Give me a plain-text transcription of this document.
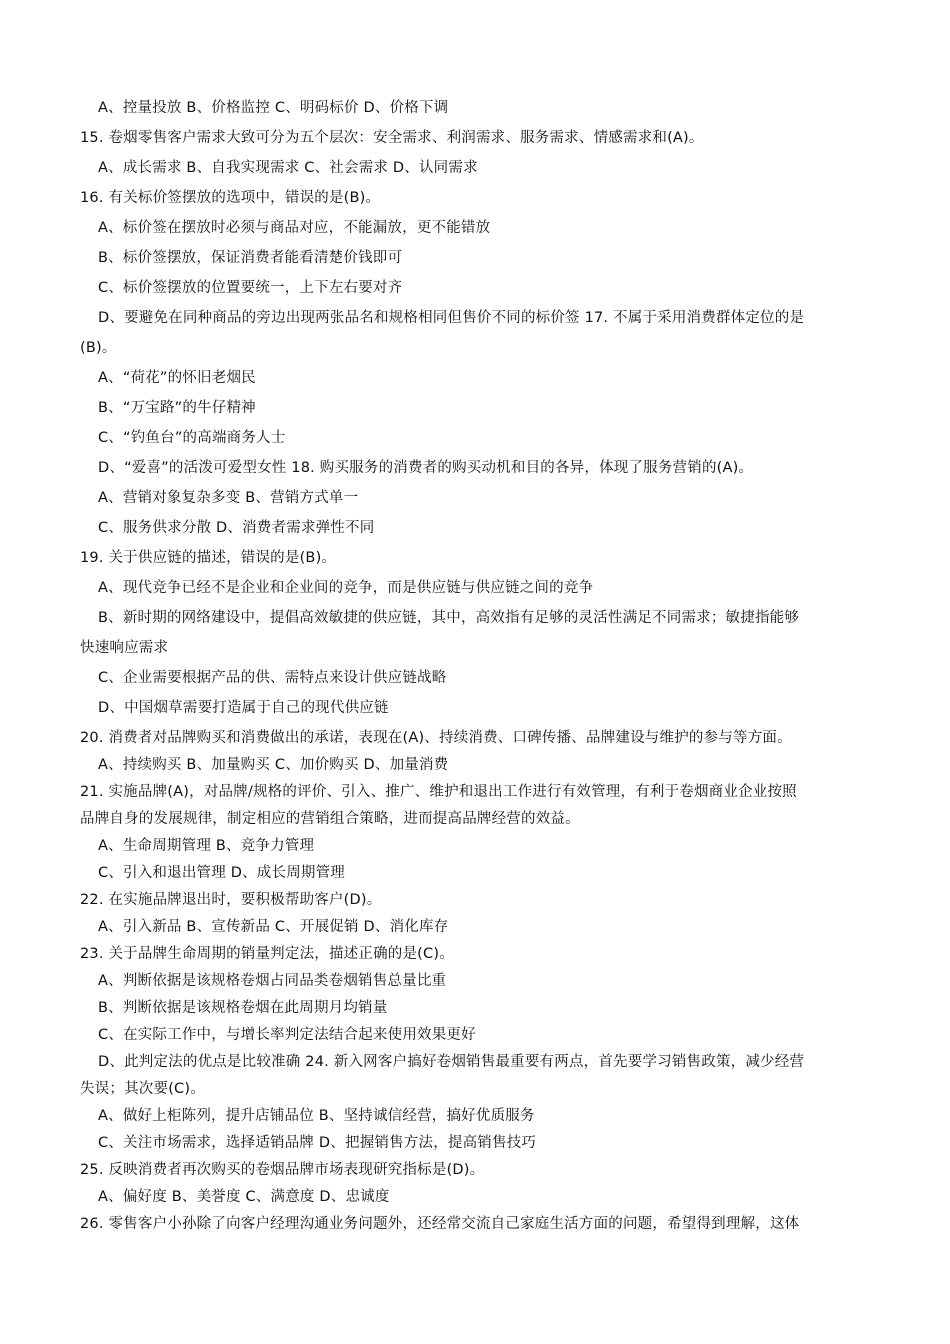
A、控量投放 B、价格监控 C、明码标价 D、价格下调
15. 卷烟零售客户需求大致可分为五个层次：安全需求、利润需求、服务需求、情感需求和(A)。
A、成长需求 B、自我实现需求 C、社会需求 D、认同需求
16. 有关标价签摆放的选项中，错误的是(B)。
A、标价签在摆放时必须与商品对应，不能漏放，更不能错放
B、标价签摆放，保证消费者能看清楚价钱即可
C、标价签摆放的位置要统一，上下左右要对齐
D、要避免在同种商品的旁边出现两张品名和规格相同但售价不同的标价签 17. 不属于采用消费群体定位的是
(B)。
A、“荷花”的怀旧老烟民
B、“万宝路”的牛仔精神
C、“钓鱼台”的高端商务人士
D、“爱喜”的活泼可爱型女性 18. 购买服务的消费者的购买动机和目的各异，体现了服务营销的(A)。
A、营销对象复杂多变 B、营销方式单一
C、服务供求分散 D、消费者需求弹性不同
19. 关于供应链的描述，错误的是(B)。
A、现代竞争已经不是企业和企业间的竞争，而是供应链与供应链之间的竞争
B、新时期的网络建设中，提倡高效敏捷的供应链，其中，高效指有足够的灵活性满足不同需求；敏捷指能够
快速响应需求
C、企业需要根据产品的供、需特点来设计供应链战略
D、中国烟草需要打造属于自己的现代供应链
20. 消费者对品牌购买和消费做出的承诺，表现在(A)、持续消费、口碑传播、品牌建设与维护的参与等方面。
A、持续购买 B、加量购买 C、加价购买 D、加量消费
21. 实施品牌(A)，对品牌/规格的评价、引入、推广、维护和退出工作进行有效管理，有利于卷烟商业企业按照
品牌自身的发展规律，制定相应的营销组合策略，进而提高品牌经营的效益。
A、生命周期管理 B、竞争力管理
C、引入和退出管理 D、成长周期管理
22. 在实施品牌退出时，要积极帮助客户(D)。
A、引入新品 B、宣传新品 C、开展促销 D、消化库存
23. 关于品牌生命周期的销量判定法，描述正确的是(C)。
A、判断依据是该规格卷烟占同品类卷烟销售总量比重
B、判断依据是该规格卷烟在此周期月均销量
C、在实际工作中，与增长率判定法结合起来使用效果更好
D、此判定法的优点是比较准确 24. 新入网客户搞好卷烟销售最重要有两点，首先要学习销售政策，减少经营
失误；其次要(C)。
A、做好上柜陈列，提升店铺品位 B、坚持诚信经营，搞好优质服务
C、关注市场需求，选择适销品牌 D、把握销售方法，提高销售技巧
25. 反映消费者再次购买的卷烟品牌市场表现研究指标是(D)。
A、偏好度 B、美誉度 C、满意度 D、忠诚度
26. 零售客户小孙除了向客户经理沟通业务问题外，还经常交流自己家庭生活方面的问题，希望得到理解，这体
